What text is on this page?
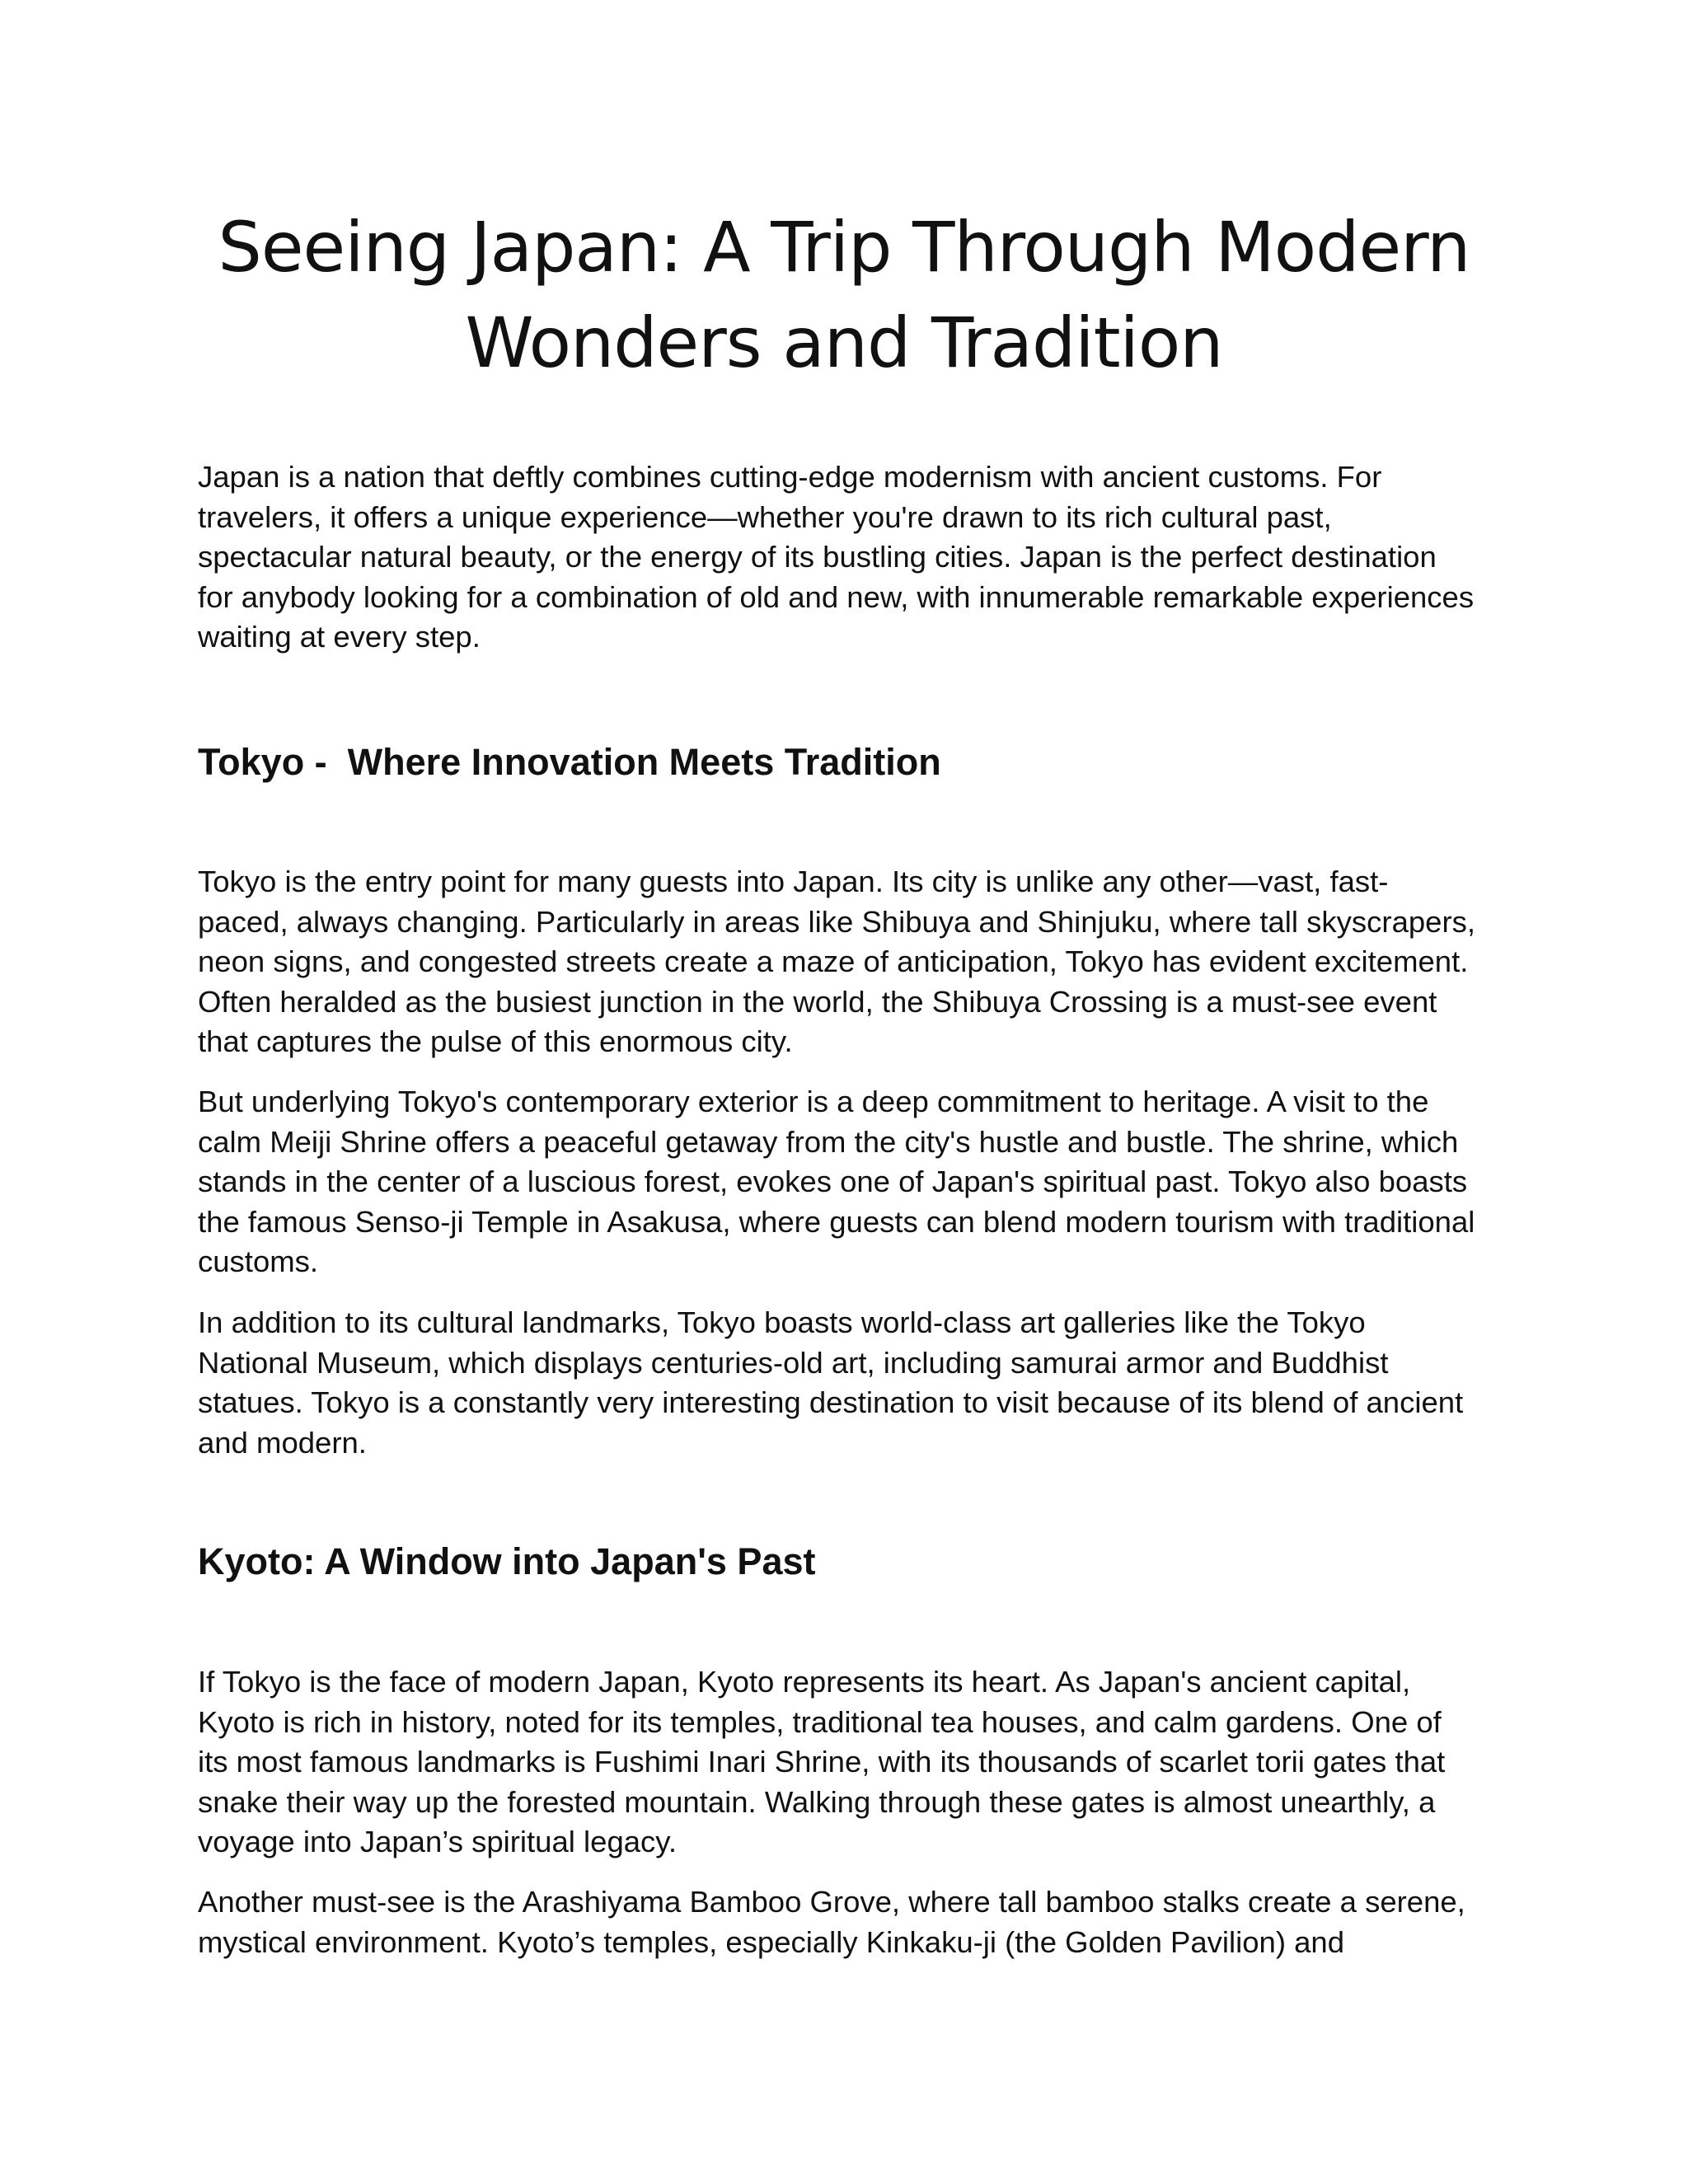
Seeing Japan: A Trip Through Modern
Wonders and Tradition

Japan is a nation that deftly combines cutting-edge modernism with ancient customs. For
travelers, it offers a unique experience—whether you're drawn to its rich cultural past,
spectacular natural beauty, or the energy of its bustling cities. Japan is the perfect destination
for anybody looking for a combination of old and new, with innumerable remarkable experiences
waiting at every step.

Tokyo -  Where Innovation Meets Tradition

Tokyo is the entry point for many guests into Japan. Its city is unlike any other—vast, fast-
paced, always changing. Particularly in areas like Shibuya and Shinjuku, where tall skyscrapers,
neon signs, and congested streets create a maze of anticipation, Tokyo has evident excitement.
Often heralded as the busiest junction in the world, the Shibuya Crossing is a must-see event
that captures the pulse of this enormous city.

But underlying Tokyo's contemporary exterior is a deep commitment to heritage. A visit to the
calm Meiji Shrine offers a peaceful getaway from the city's hustle and bustle. The shrine, which
stands in the center of a luscious forest, evokes one of Japan's spiritual past. Tokyo also boasts
the famous Senso-ji Temple in Asakusa, where guests can blend modern tourism with traditional
customs.

In addition to its cultural landmarks, Tokyo boasts world-class art galleries like the Tokyo
National Museum, which displays centuries-old art, including samurai armor and Buddhist
statues. Tokyo is a constantly very interesting destination to visit because of its blend of ancient
and modern.

Kyoto: A Window into Japan's Past

If Tokyo is the face of modern Japan, Kyoto represents its heart. As Japan's ancient capital,
Kyoto is rich in history, noted for its temples, traditional tea houses, and calm gardens. One of
its most famous landmarks is Fushimi Inari Shrine, with its thousands of scarlet torii gates that
snake their way up the forested mountain. Walking through these gates is almost unearthly, a
voyage into Japan’s spiritual legacy.

Another must-see is the Arashiyama Bamboo Grove, where tall bamboo stalks create a serene,
mystical environment. Kyoto’s temples, especially Kinkaku-ji (the Golden Pavilion) and
